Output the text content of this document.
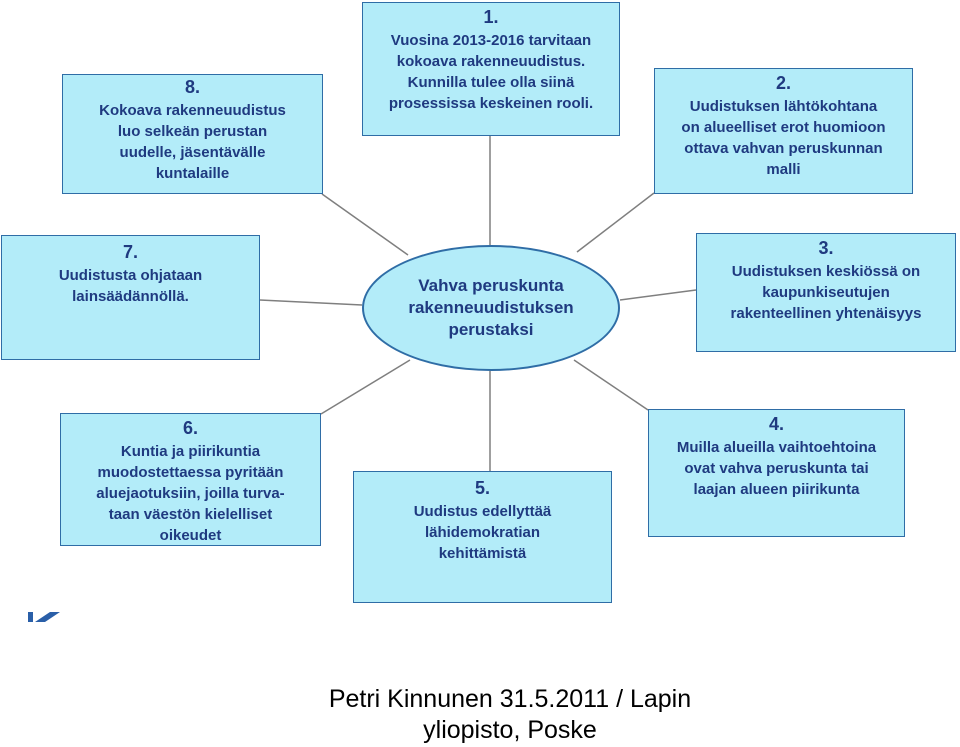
1.
Vuosina 2013-2016 tarvitaan
kokoava rakenneuudistus.
Kunnilla tulee olla siinä
prosessissa keskeinen rooli.
2.
Uudistuksen lähtökohtana
on alueelliset erot huomioon
ottava vahvan peruskunnan
malli
3.
Uudistuksen keskiössä on
kaupunkiseutujen
rakenteellinen yhtenäisyys
4.
Muilla alueilla vaihtoehtoina
ovat vahva peruskunta tai
laajan alueen piirikunta
5.
Uudistus edellyttää
lähidemokratian
kehittämistä
6.
Kuntia ja piirikuntia
muodostettaessa pyritään
aluejaotuksiin, joilla turva-
taan väestön kielelliset
oikeudet
7.
Uudistusta ohjataan
lainsäädännöllä.
8.
Kokoava rakenneuudistus
luo selkeän perustan
uudelle, jäsentävälle
kuntalaille
Vahva peruskunta
rakenneuudistuksen
perustaksi
Petri Kinnunen 31.5.2011 / Lapin
yliopisto, Poske
